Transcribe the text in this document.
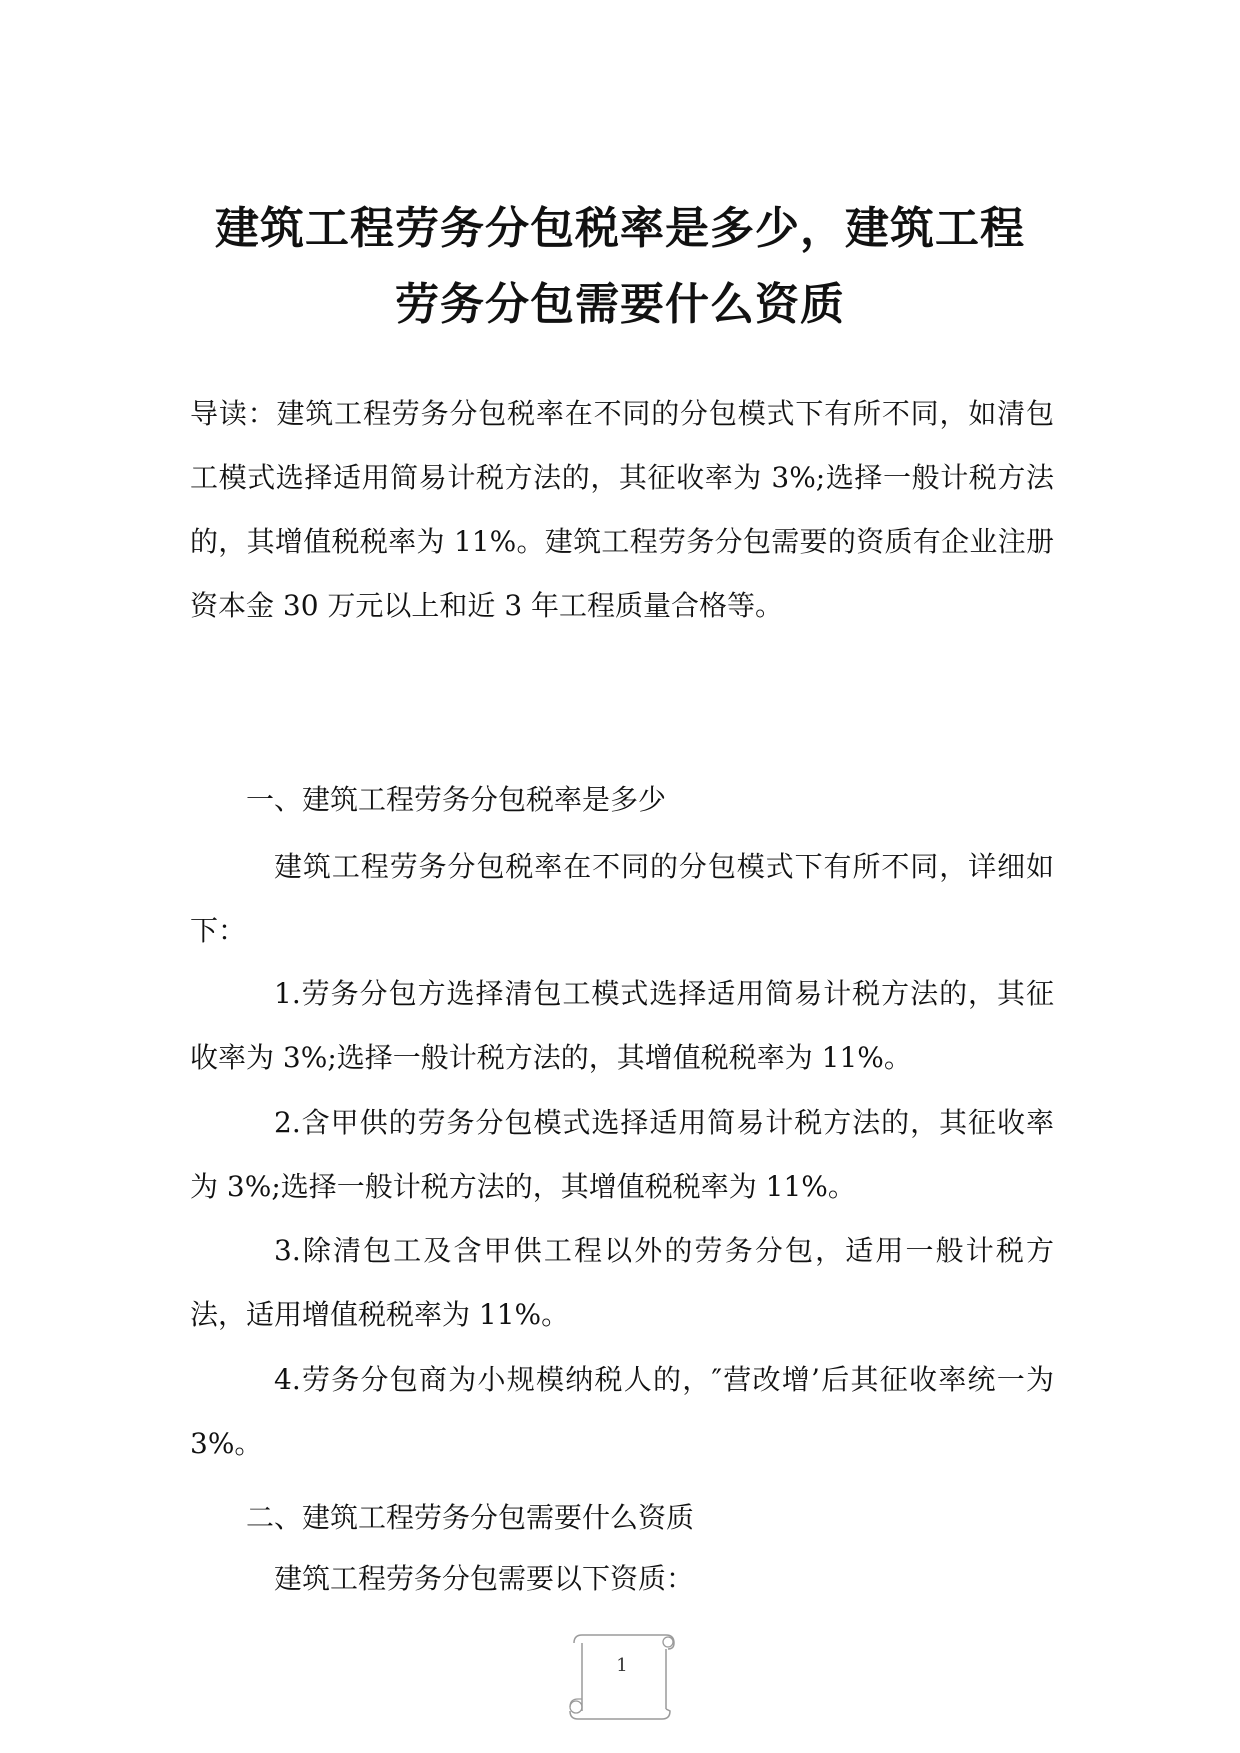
建筑工程劳务分包税率是多少，建筑工程
劳务分包需要什么资质
导读：建筑工程劳务分包税率在不同的分包模式下有所不同，如清包工模式选择适用简易计税方法的，其征收率为 3%;选择一般计税方法的，其增值税税率为 11%。建筑工程劳务分包需要的资质有企业注册资本金 30 万元以上和近 3 年工程质量合格等。
一、建筑工程劳务分包税率是多少
建筑工程劳务分包税率在不同的分包模式下有所不同，详细如下：
1.劳务分包方选择清包工模式选择适用简易计税方法的，其征收率为 3%;选择一般计税方法的，其增值税税率为 11%。
2.含甲供的劳务分包模式选择适用简易计税方法的，其征收率为 3%;选择一般计税方法的，其增值税税率为 11%。
3.除清包工及含甲供工程以外的劳务分包，适用一般计税方法，适用增值税税率为 11%。
4.劳务分包商为小规模纳税人的，″营改增’后其征收率统一为 3%。
二、建筑工程劳务分包需要什么资质
建筑工程劳务分包需要以下资质：
1
